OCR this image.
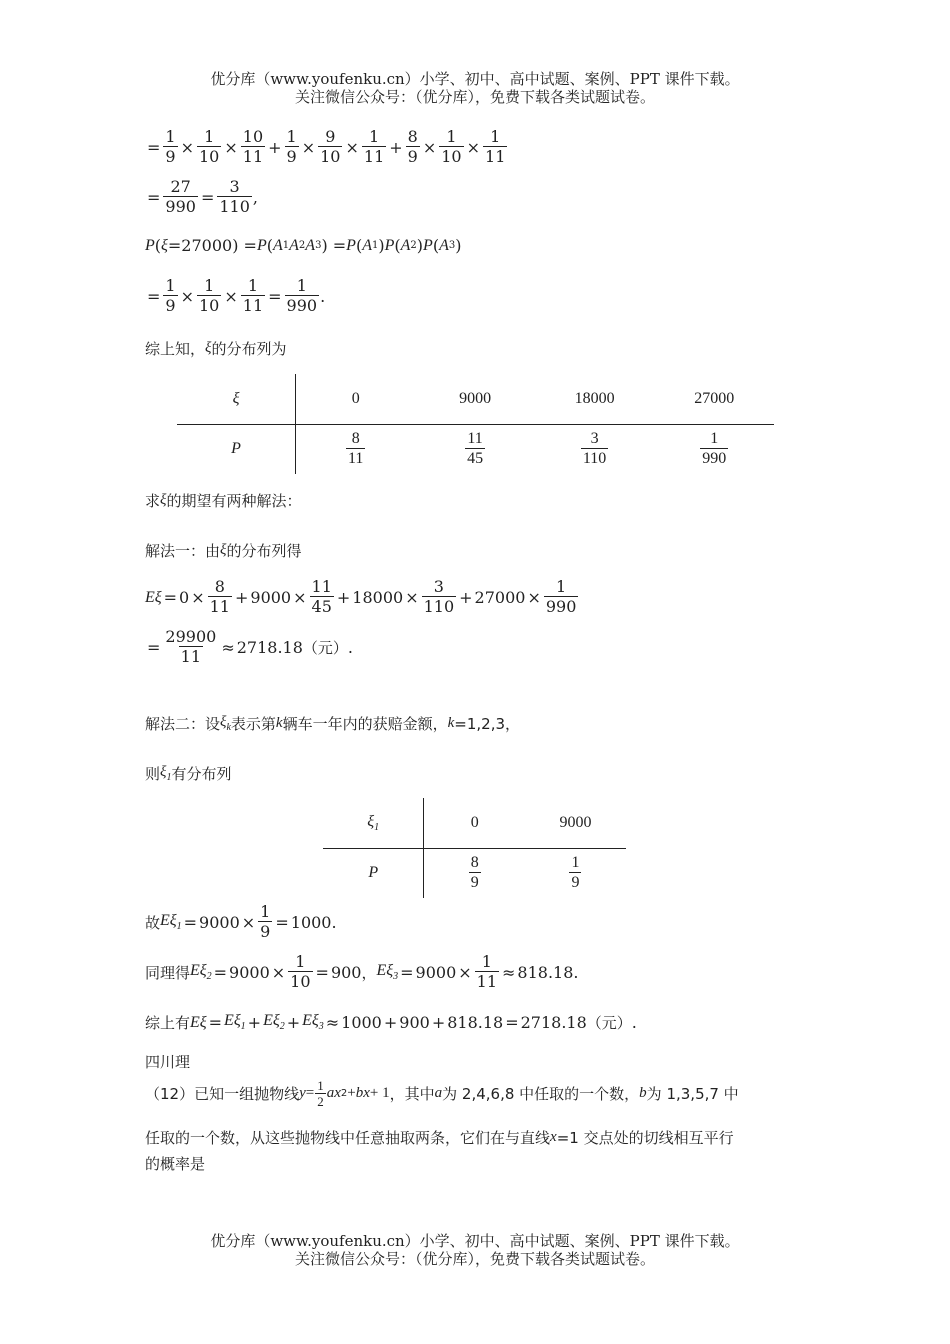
优分库（www.youfenku.cn）小学、初中、高中试题、案例、PPT 课件下载。
关注微信公众号：（优分库），免费下载各类试题试卷。
= $\frac{1}{9} \times \frac{1}{10} \times \frac{10}{11} + \frac{1}{9} \times \frac{9}{10} \times \frac{1}{11} + \frac{8}{9} \times \frac{1}{10} \times \frac{1}{11}$
= $\frac{27}{990} = \frac{3}{110}$ ,
P ( ξ =27000) = P ( A 1 A 2 A 3 ) = P ( A 1 ) P ( A 2 ) P ( A 3 )
= $\frac{1}{9} \times \frac{1}{10} \times \frac{1}{11} = \frac{1}{990}$ .
综上知， ξ 的分布列为
ξ	0	9000	18000	27000
P	$\frac{8}{11}$	$\frac{11}{45}$	$\frac{3}{110}$	$\frac{1}{990}$
求 ξ 的期望有两种解法：
解法一：由 ξ 的分布列得
$E\xi = 0 \times \frac{8}{11} + 9000 \times \frac{11}{45} + 18000 \times \frac{3}{110} + 27000 \times \frac{1}{990}$
= $\frac{29900}{11} \approx 2718.18$ （元） .
解法二：设 $\xi_k$ 表示第 k 辆车一年内的获赔金额， k =1,2,3，
则 $\xi_1$ 有分布列
$\xi_1$	0	9000
P	$\frac{8}{9}$	$\frac{1}{9}$
故 $E\xi_1 = 9000 \times \frac{1}{9} = 1000$ .
同理得 $E\xi_2 = 9000 \times \frac{1}{10} = 900$ ， $E\xi_3 = 9000 \times \frac{1}{11} \approx 818.18$ .
综上有 $E\xi = E\xi_1 + E\xi_2 + E\xi_3 \approx 1000 + 900 + 818.18 = 2718.18$ （元） .
四川理
（12）已知一组抛物线 $y = \frac{1}{2}$ ax 2 + bx + 1 ，其中 a 为 2,4,6,8 中任取的一个数， b 为 1,3,5,7 中
任取的一个数，从这些抛物线中任意抽取两条，它们在与直线 x =1 交点处的切线相互平行
的概率是
优分库（www.youfenku.cn）小学、初中、高中试题、案例、PPT 课件下载。
关注微信公众号：（优分库），免费下载各类试题试卷。
